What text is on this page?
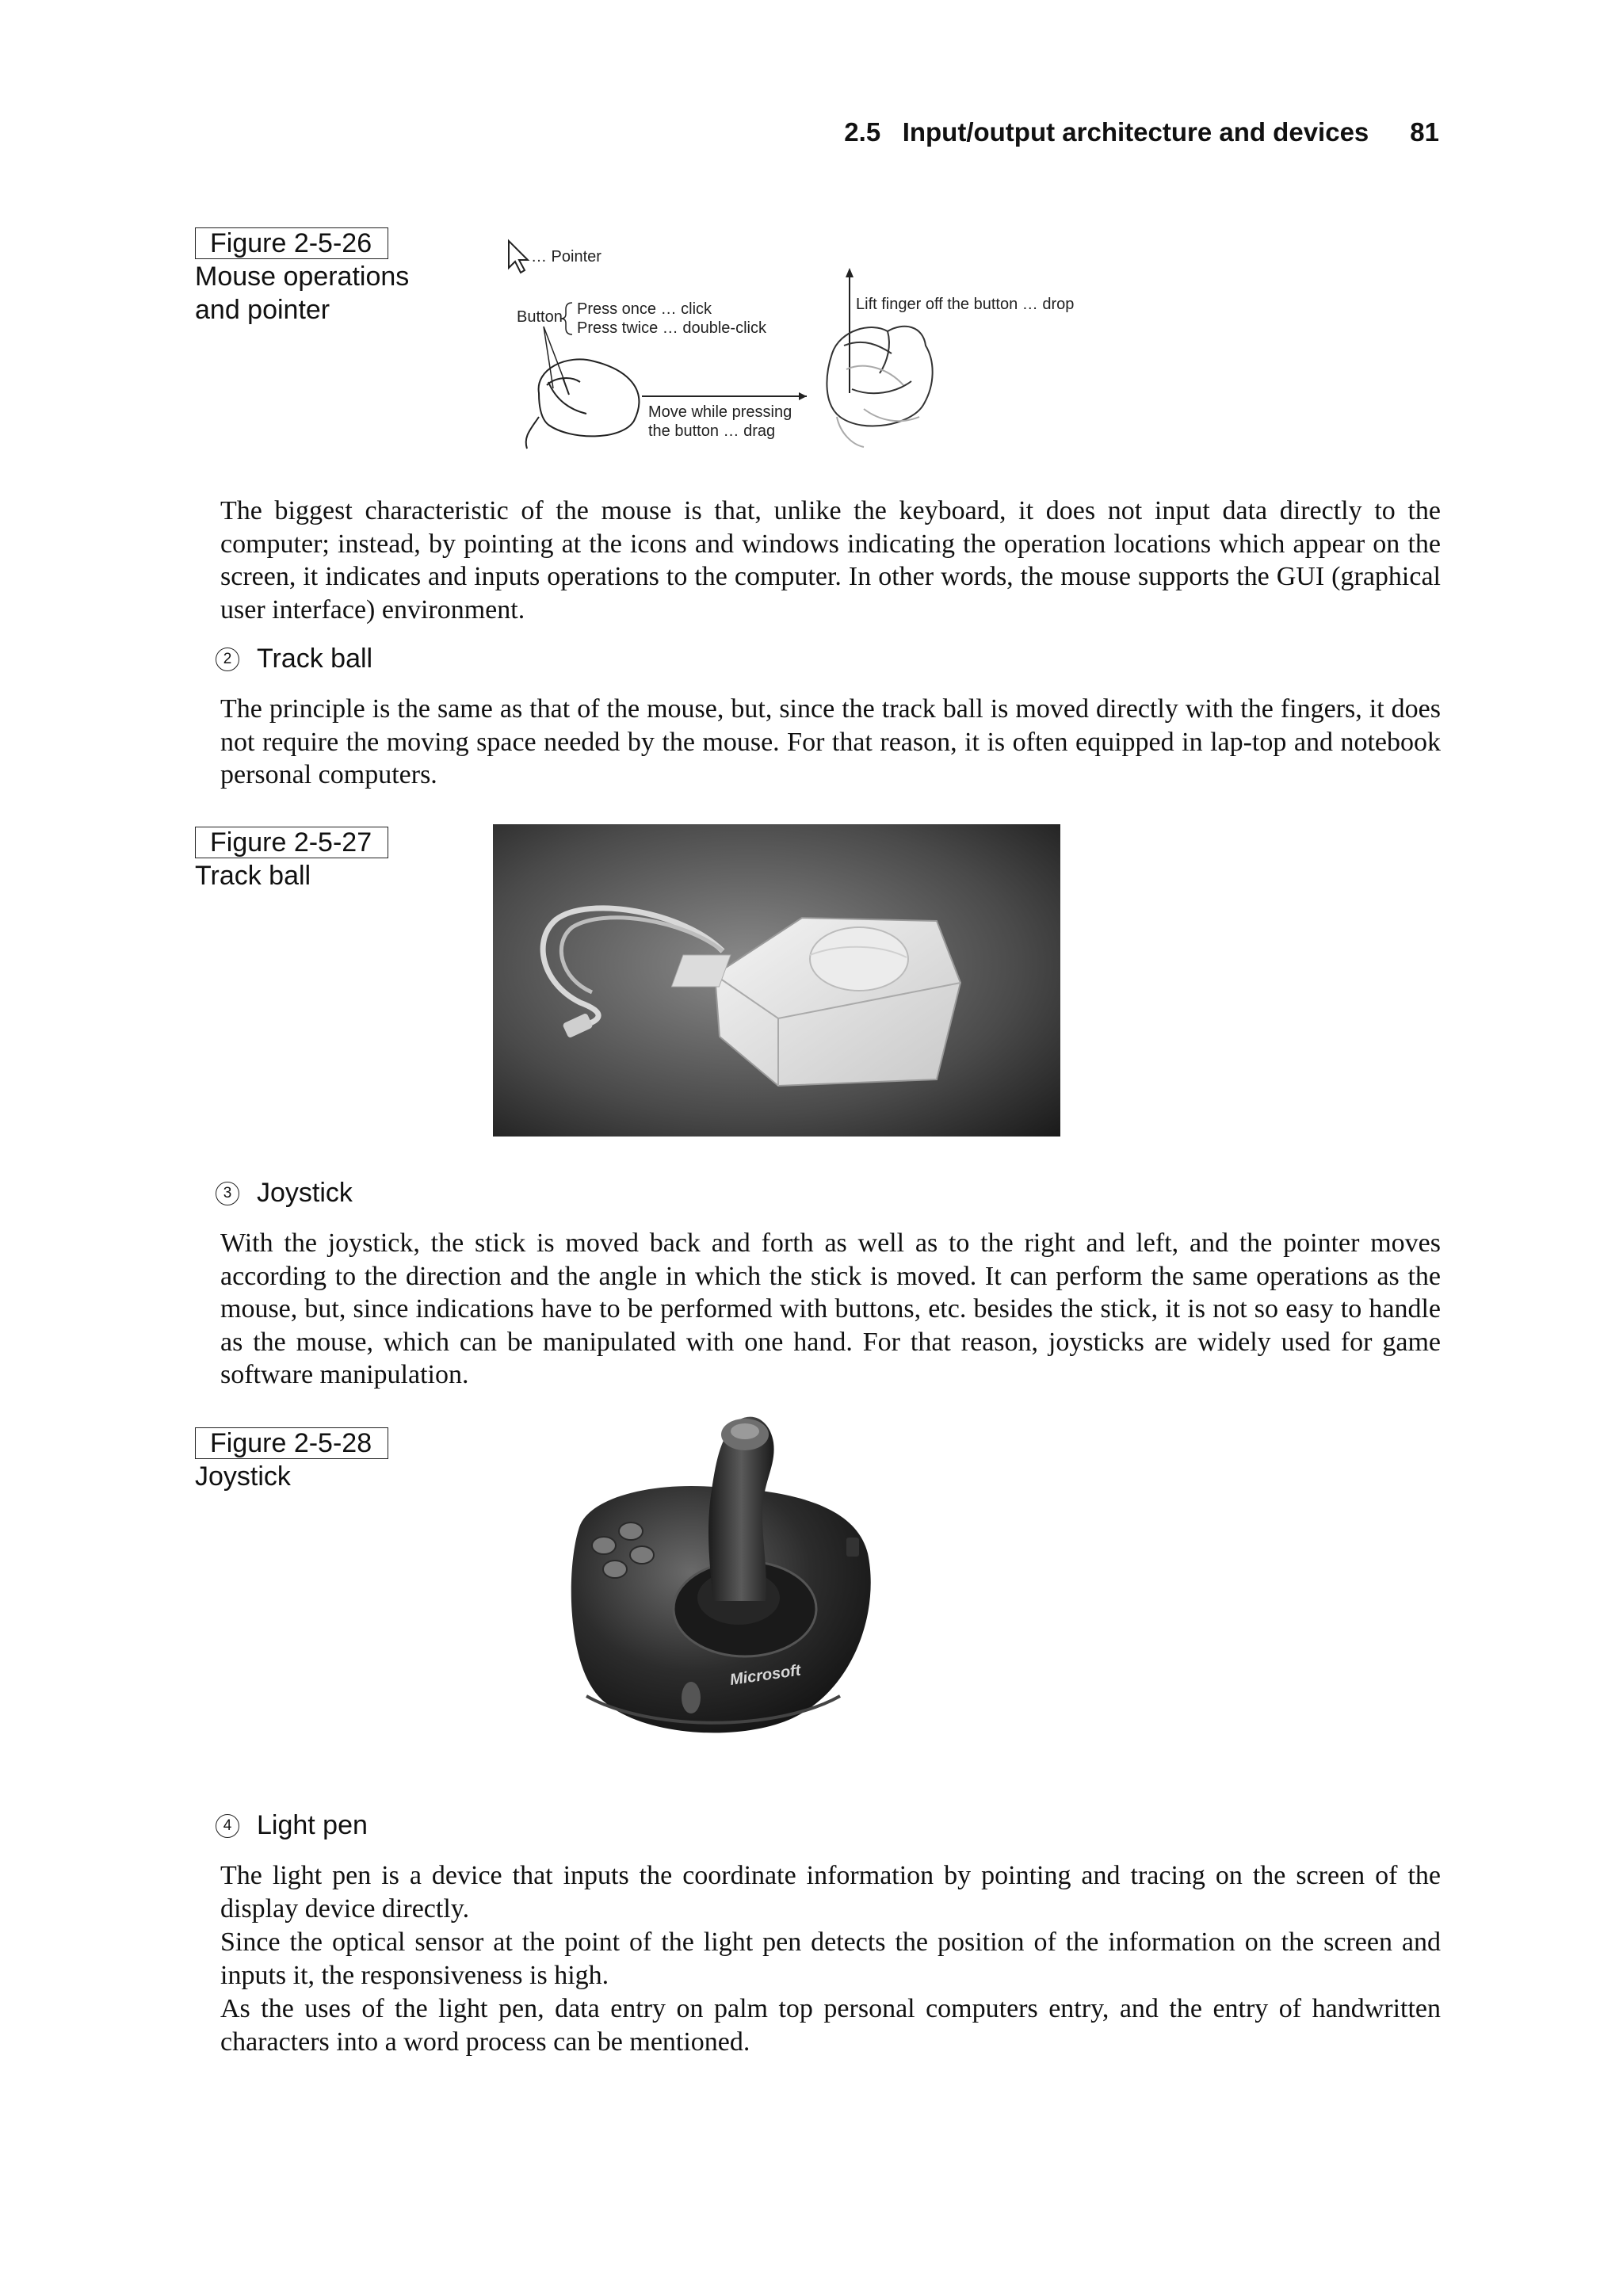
2.5 Input/output architecture and devices 81
Figure 2-5-26
Mouse operations
and pointer
… Pointer
Button Press once … click
Press twice … double-click
Move while pressing
the button … drag
Lift finger off the button … drop

The biggest characteristic of the mouse is that, unlike the keyboard, it does not input data directly to the computer; instead, by pointing at the icons and windows indicating the operation locations which appear on the screen, it indicates and inputs operations to the computer. In other words, the mouse supports the GUI (graphical user interface) environment.

2 Track ball

The principle is the same as that of the mouse, but, since the track ball is moved directly with the fingers, it does not require the moving space needed by the mouse. For that reason, it is often equipped in lap-top and notebook personal computers.

Figure 2-5-27
Track ball
3 Joystick

With the joystick, the stick is moved back and forth as well as to the right and left, and the pointer moves according to the direction and the angle in which the stick is moved. It can perform the same operations as the mouse, but, since indications have to be performed with buttons, etc. besides the stick, it is not so easy to handle as the mouse, which can be manipulated with one hand. For that reason, joysticks are widely used for game software manipulation.

Figure 2-5-28
Joystick
Microsoft
4 Light pen

The light pen is a device that inputs the coordinate information by pointing and tracing on the screen of the display device directly.

Since the optical sensor at the point of the light pen detects the position of the information on the screen and inputs it, the responsiveness is high.

As the uses of the light pen, data entry on palm top personal computers entry, and the entry of handwritten characters into a word process can be mentioned.
